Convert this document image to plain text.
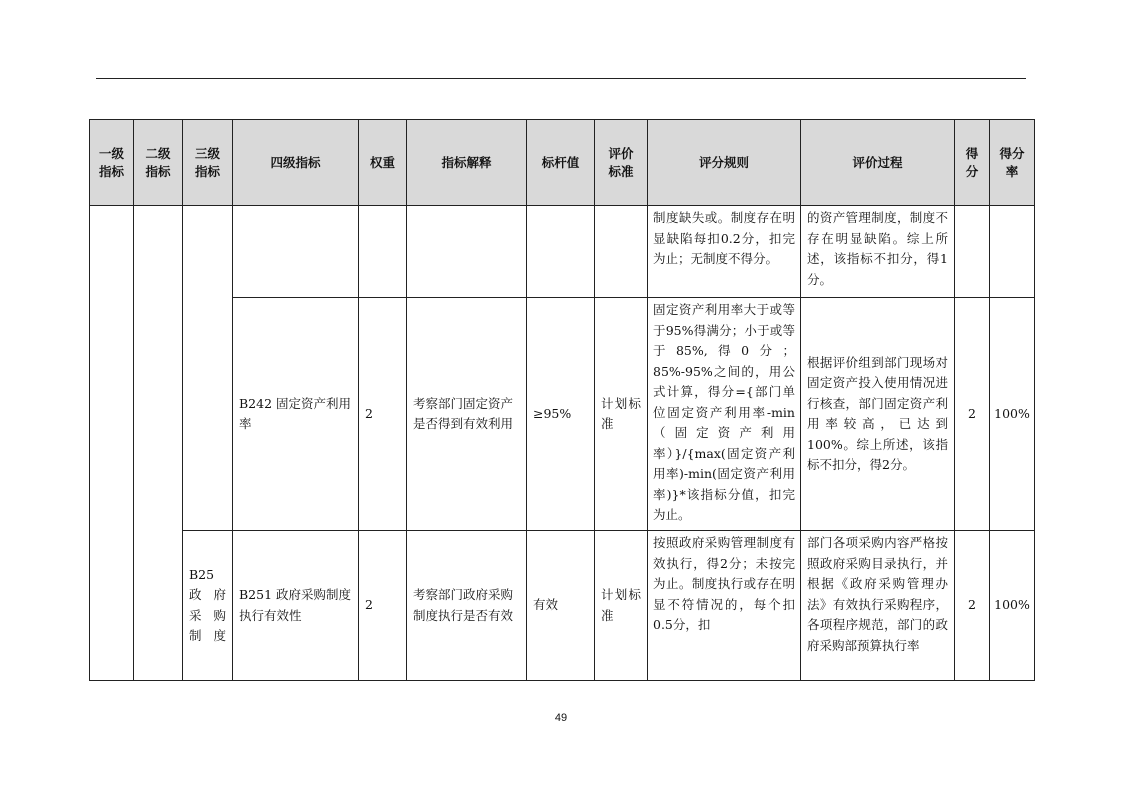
一级指标	二级指标	三级指标	四级指标	权重	指标解释	标杆值	评价标准	评分规则	评价过程	得分	得分率
								制度缺失或。制度存在明显缺陷每扣0.2分，扣完为止；无制度不得分。	的资产管理制度，制度不存在明显缺陷。综上所述，该指标不扣分，得1分。		
			B242 固定资产利用率	2	考察部门固定资产是否得到有效利用	≥95%	计划标准	固定资产利用率大于或等于95%得满分；小于或等于85%,得0分；85%-95%之间的，用公式计算，得分={部门单位固定资产利用率-min（固定资产利用率）}/{max(固定资产利用率)-min(固定资产利用率)}*该指标分值，扣完为止。	根据评价组到部门现场对固定资产投入使用情况进行核查，部门固定资产利用率较高，已达到100%。综上所述，该指标不扣分，得2分。	2	100%
		B25政府采购制度	B251 政府采购制度执行有效性	2	考察部门政府采购制度执行是否有效	有效	计划标准	按照政府采购管理制度有效执行，得2分；未按完为止。制度执行或存在明显不符情况的，每个扣0.5分，扣	部门各项采购内容严格按照政府采购目录执行，并根据《政府采购管理办法》有效执行采购程序，各项程序规范，部门的政府采购部预算执行率	2	100%
49
